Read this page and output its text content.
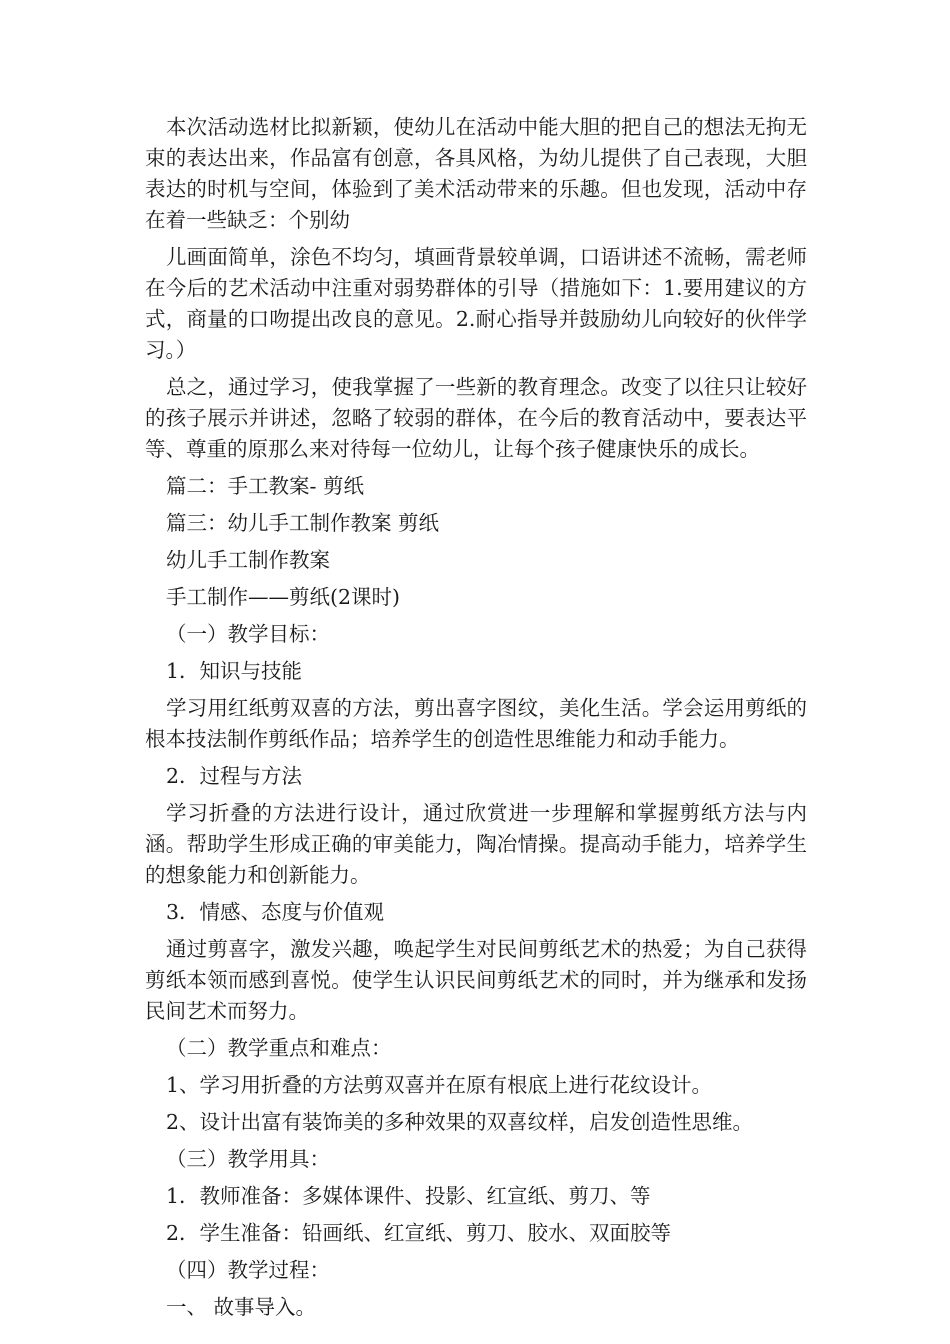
本次活动选材比拟新颖，使幼儿在活动中能大胆的把自己的想法无拘无束的表达出来，作品富有创意，各具风格，为幼儿提供了自己表现，大胆表达的时机与空间，体验到了美术活动带来的乐趣。但也发现，活动中存在着一些缺乏：个别幼

儿画面简单，涂色不均匀，填画背景较单调，口语讲述不流畅，需老师在今后的艺术活动中注重对弱势群体的引导（措施如下：1.要用建议的方式，商量的口吻提出改良的意见。2.耐心指导并鼓励幼儿向较好的伙伴学习。）

总之，通过学习，使我掌握了一些新的教育理念。改变了以往只让较好的孩子展示并讲述，忽略了较弱的群体，在今后的教育活动中，要表达平等、尊重的原那么来对待每一位幼儿，让每个孩子健康快乐的成长。

篇二：手工教案- 剪纸

篇三：幼儿手工制作教案 剪纸

幼儿手工制作教案

手工制作——剪纸(2课时)

（一）教学目标：

1．知识与技能

学习用红纸剪双喜的方法，剪出喜字图纹，美化生活。学会运用剪纸的根本技法制作剪纸作品；培养学生的创造性思维能力和动手能力。

2．过程与方法

学习折叠的方法进行设计，通过欣赏进一步理解和掌握剪纸方法与内涵。帮助学生形成正确的审美能力，陶冶情操。提高动手能力，培养学生的想象能力和创新能力。

3．情感、态度与价值观

通过剪喜字，激发兴趣，唤起学生对民间剪纸艺术的热爱；为自己获得剪纸本领而感到喜悦。使学生认识民间剪纸艺术的同时，并为继承和发扬民间艺术而努力。

（二）教学重点和难点：

1、学习用折叠的方法剪双喜并在原有根底上进行花纹设计。

2、设计出富有装饰美的多种效果的双喜纹样，启发创造性思维。

（三）教学用具：

1．教师准备：多媒体课件、投影、红宣纸、剪刀、等

2．学生准备：铅画纸、红宣纸、剪刀、胶水、双面胶等

（四）教学过程：

一、 故事导入。
